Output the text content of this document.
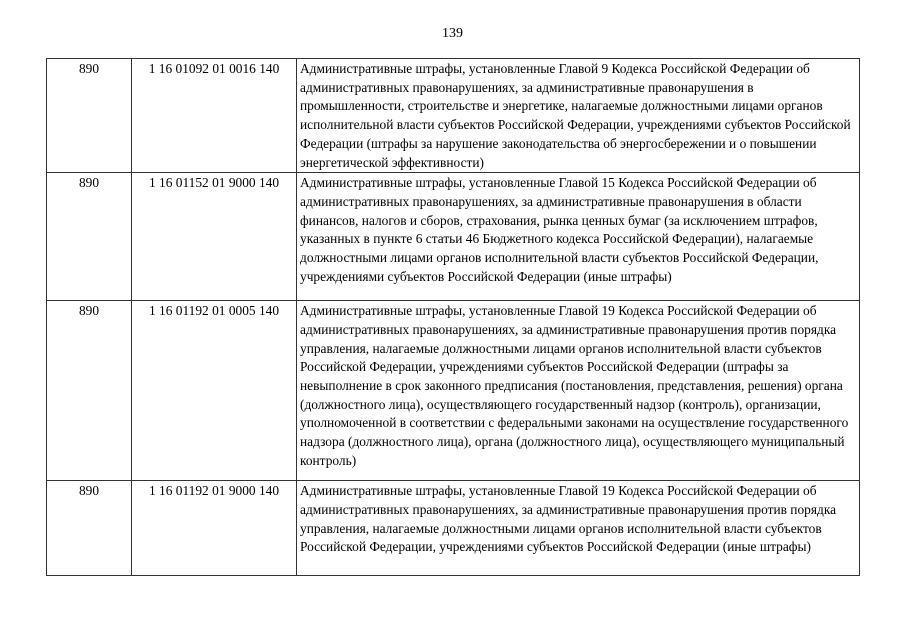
139
890	1 16 01092 01 0016 140	Административные штрафы, установленные Главой 9 Кодекса Российской Федерации об административных правонарушениях, за административные правонарушения в промышленности, строительстве и энергетике, налагаемые должностными лицами органов исполнительной власти субъектов Российской Федерации, учреждениями субъектов Российской Федерации (штрафы за нарушение законодательства об энергосбережении и о повышении энергетической эффективности)
890	1 16 01152 01 9000 140	Административные штрафы, установленные Главой 15 Кодекса Российской Федерации об административных правонарушениях, за административные правонарушения в области финансов, налогов и сборов, страхования, рынка ценных бумаг (за исключением штрафов, указанных в пункте 6 статьи 46 Бюджетного кодекса Российской Федерации), налагаемые должностными лицами органов исполнительной власти субъектов Российской Федерации, учреждениями субъектов Российской Федерации (иные штрафы)
890	1 16 01192 01 0005 140	Административные штрафы, установленные Главой 19 Кодекса Российской Федерации об административных правонарушениях, за административные правонарушения против порядка управления, налагаемые должностными лицами органов исполнительной власти субъектов Российской Федерации, учреждениями субъектов Российской Федерации (штрафы за невыполнение в срок законного предписания (постановления, представления, решения) органа (должностного лица), осуществляющего государственный надзор (контроль), организации, уполномоченной в соответствии с федеральными законами на осуществление государственного надзора (должностного лица), органа (должностного лица), осуществляющего муниципальный контроль)
890	1 16 01192 01 9000 140	Административные штрафы, установленные Главой 19 Кодекса Российской Федерации об административных правонарушениях, за административные правонарушения против порядка управления, налагаемые должностными лицами органов исполнительной власти субъектов Российской Федерации, учреждениями субъектов Российской Федерации (иные штрафы)
